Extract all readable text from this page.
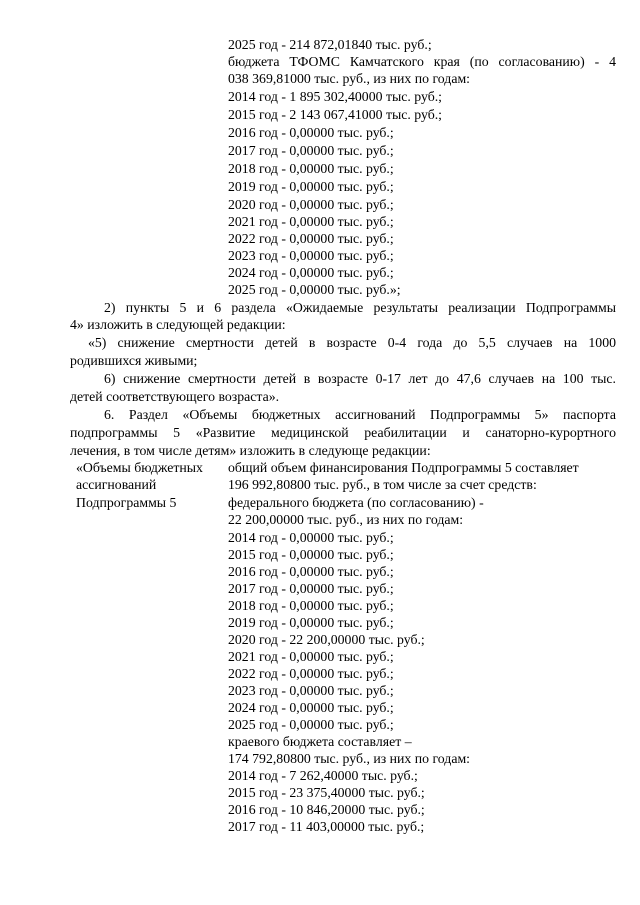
2025 год - 214 872,01840 тыс. руб.;
бюджета ТФОМС Камчатского края (по согласованию) - 4
038 369,81000 тыс. руб., из них по годам:
2014 год - 1 895 302,40000 тыс. руб.;
2015 год - 2 143 067,41000 тыс. руб.;
2016 год - 0,00000 тыс. руб.;
2017 год - 0,00000 тыс. руб.;
2018 год - 0,00000 тыс. руб.;
2019 год - 0,00000 тыс. руб.;
2020 год - 0,00000 тыс. руб.;
2021 год - 0,00000 тыс. руб.;
2022 год - 0,00000 тыс. руб.;
2023 год - 0,00000 тыс. руб.;
2024 год - 0,00000 тыс. руб.;
2025 год - 0,00000 тыс. руб.»;
2) пункты 5 и 6 раздела «Ожидаемые результаты реализации Подпрограммы
4» изложить в следующей редакции:
«5) снижение смертности детей в возрасте 0-4 года до 5,5 случаев на 1000
родившихся живыми;
6) снижение смертности детей в возрасте 0-17 лет до 47,6 случаев на 100 тыс.
детей соответствующего возраста».
6. Раздел «Объемы бюджетных ассигнований Подпрограммы 5» паспорта
подпрограммы 5 «Развитие медицинской реабилитации и санаторно-курортного
лечения, в том числе детям» изложить в следующе редакции:
«Объемы бюджетных
ассигнований
Подпрограммы 5
общий объем финансирования Подпрограммы 5 составляет
196 992,80800 тыс. руб., в том числе за счет средств:
федерального бюджета (по согласованию) -
22 200,00000 тыс. руб., из них по годам:
2014 год - 0,00000 тыс. руб.;
2015 год - 0,00000 тыс. руб.;
2016 год - 0,00000 тыс. руб.;
2017 год - 0,00000 тыс. руб.;
2018 год - 0,00000 тыс. руб.;
2019 год - 0,00000 тыс. руб.;
2020 год - 22 200,00000 тыс. руб.;
2021 год - 0,00000 тыс. руб.;
2022 год - 0,00000 тыс. руб.;
2023 год - 0,00000 тыс. руб.;
2024 год - 0,00000 тыс. руб.;
2025 год - 0,00000 тыс. руб.;
краевого бюджета составляет –
174 792,80800 тыс. руб., из них по годам:
2014 год - 7 262,40000 тыс. руб.;
2015 год - 23 375,40000 тыс. руб.;
2016 год - 10 846,20000 тыс. руб.;
2017 год - 11 403,00000 тыс. руб.;
